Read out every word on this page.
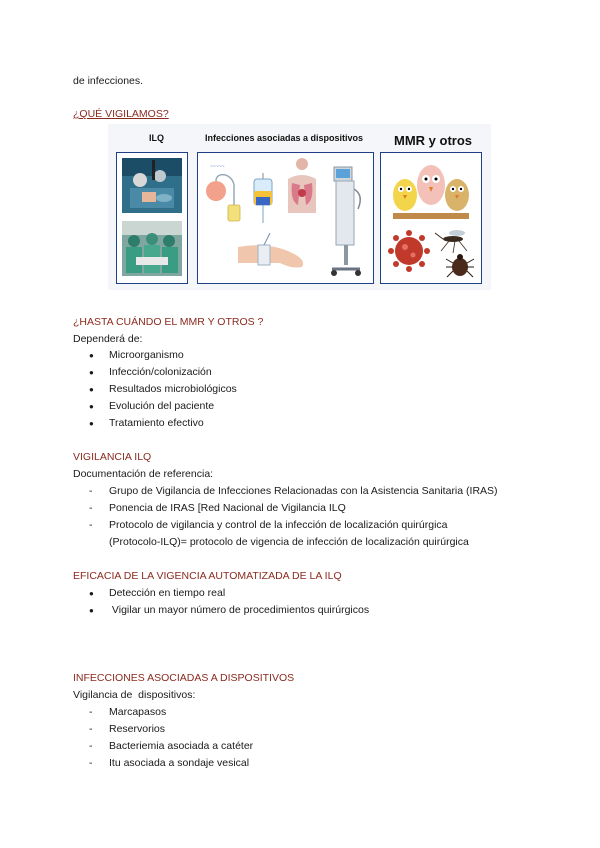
de infecciones.
¿QUÉ VIGILAMOS?
ILQ	Infecciones asociadas a dispositivos MMR y otros
~~~~~
¿HASTA CUÁNDO EL MMR Y OTROS ?
Dependerá de:
● Microorganismo
● Infección/colonización
● Resultados microbiológicos
● Evolución del paciente
● Tratamiento efectivo
VIGILANCIA ILQ
Documentación de referencia:
- Grupo de Vigilancia de Infecciones Relacionadas con la Asistencia Sanitaria (IRAS)
- Ponencia de IRAS [Red Nacional de Vigilancia ILQ
- Protocolo de vigilancia y control de la infección de localización quirúrgica
(Protocolo-ILQ)= protocolo de vigencia de infección de localización quirúrgica
EFICACIA DE LA VIGENCIA AUTOMATIZADA DE LA ILQ
● Detección en tiempo real
● Vigilar un mayor número de procedimientos quirúrgicos
INFECCIONES ASOCIADAS A DISPOSITIVOS
Vigilancia de  dispositivos:
- Marcapasos
- Reservorios
- Bacteriemia asociada a catéter
- Itu asociada a sondaje vesical
